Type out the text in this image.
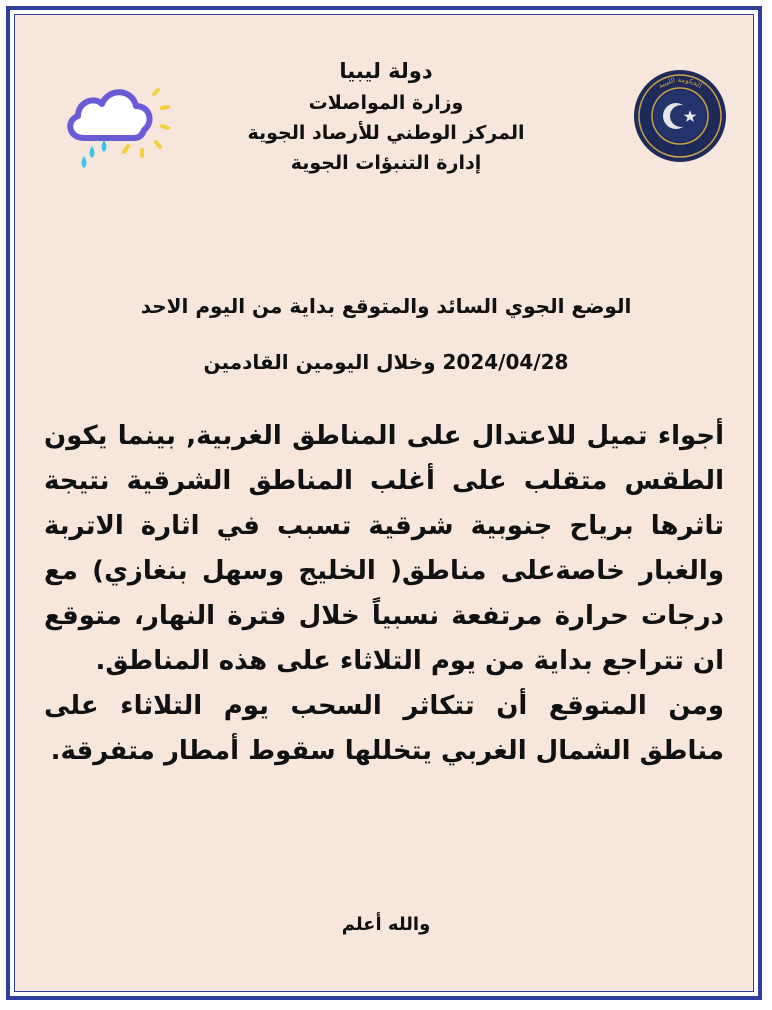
الحكومة الليبية
دولة ليبيا
وزارة المواصلات
المركز الوطني للأرصاد الجوية
إدارة التنبؤات الجوية
الوضع الجوي السائد والمتوقع بداية من اليوم الاحد
2024/04/28 وخلال اليومين القادمين

أجواء تميل للاعتدال على المناطق الغربية, بينما يكون الطقس متقلب على أغلب المناطق الشرقية نتيجة تاثرها برياح جنوبية شرقية تسبب في اثارة الاتربة والغبار خاصةعلى مناطق( الخليج وسهل بنغازي) مع درجات حرارة مرتفعة نسبياً خلال فترة النهار، متوقع ان تتراجع بداية من يوم التلاثاء على هذه المناطق.

ومن المتوقع أن تتكاثر السحب يوم التلاثاء على مناطق الشمال الغربي يتخللها سقوط أمطار متفرقة.

والله أعلم
